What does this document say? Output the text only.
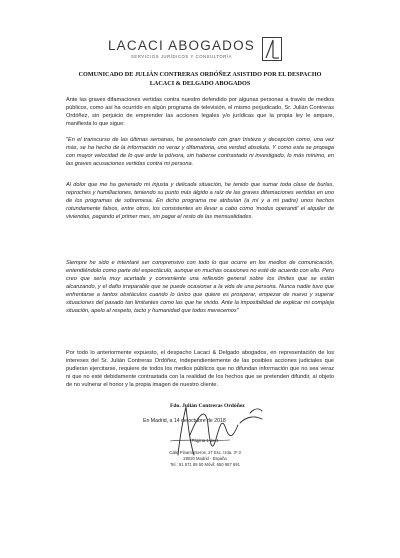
LACACI ABOGADOS
SERVICIOS JURÍDICOS Y CONSULTORÍA
COMUNICADO DE JULIÁN CONTRERAS ORDÓÑEZ ASISTIDO POR EL DESPACHO LACACI & DELGADO ABOGADOS
Ante las graves difamaciones vertidas contra nuestro defendido por algunas personas a través de medios públicos, como así ha ocurrido en algún programa de televisión, el mismo perjudicado, Sr. Julián Contreras Ordóñez, sin perjuicio de emprender las acciones legales y/o jurídicas que la propia ley le ampare, manifiesta lo que sigue:
"En el transcurso de las últimas semanas, he presenciado con gran tristeza y decepción como, una vez más, se ha hecho de la información no veraz y difamatoria, una verdad absoluta. Y como esta se propaga con mayor velocidad de lo que arde la pólvora, sin haberse contrastado ni investigado, lo más mínimo, en las graves acusaciones vertidas contra mi persona.
Al dolor que me ha generado mi injusta y delicada situación, he tenido que sumar toda clase de burlas, reproches y humillaciones, teniendo su punto más álgido a raíz de las graves difamaciones vertidas en uno de los programas de sobremesa. En dicho programa me atribuían (a mí y a mi padre) unos hechos rotundamente falsos, entre otros, los consistentes en llevar a cabo como 'modus operandi' el alquiler de viviendas, pagando el primer mes, sin pagar el resto de las mensualidades.
Siempre he sido e intentaré ser comprensivo con todo lo que ocurre en los medios de comunicación, entendiéndolo como parte del espectáculo, aunque en muchas ocasiones no esté de acuerdo con ello. Pero creo que sería muy acertada y conveniente una reflexión general sobre los límites que se están alcanzando, y el daño irreparable que se puede ocasionar a la vida de una persona. Nunca nadie tuvo que enfrentarse a tantos obstáculos cuando lo único que quiere es prosperar, empezar de nuevo y superar situaciones del pasado tan limitantes como las que he vivido. Ante la imposibilidad de explicar mi compleja situación, apelo al respeto, tacto y humanidad que todos merecemos"
Por todo lo anteriormente expuesto, el despacho Lacaci & Delgado abogados, en representación de los intereses del Sr. Julián Contreras Ordóñez, independientemente de las posibles acciones judiciales que pudieran ejercitarse, requiere de todos los medios públicos que no difundan información que no sea veraz ni que no esté debidamente contrastada con la realidad de los hechos que se pretenden difundir, al objeto de no vulnerar el honor y la propia imagen de nuestro cliente.
Fdo. Julián Contreras Ordóñez
En Madrid, a 14 de octubre de 2018
Página 1 de 1
Calle Pinamonteros, 27 Esc. Izda. 3º 3
28020 Madrid · España
Tel.: 91 571 85 50 Móvil: 650 987 691
